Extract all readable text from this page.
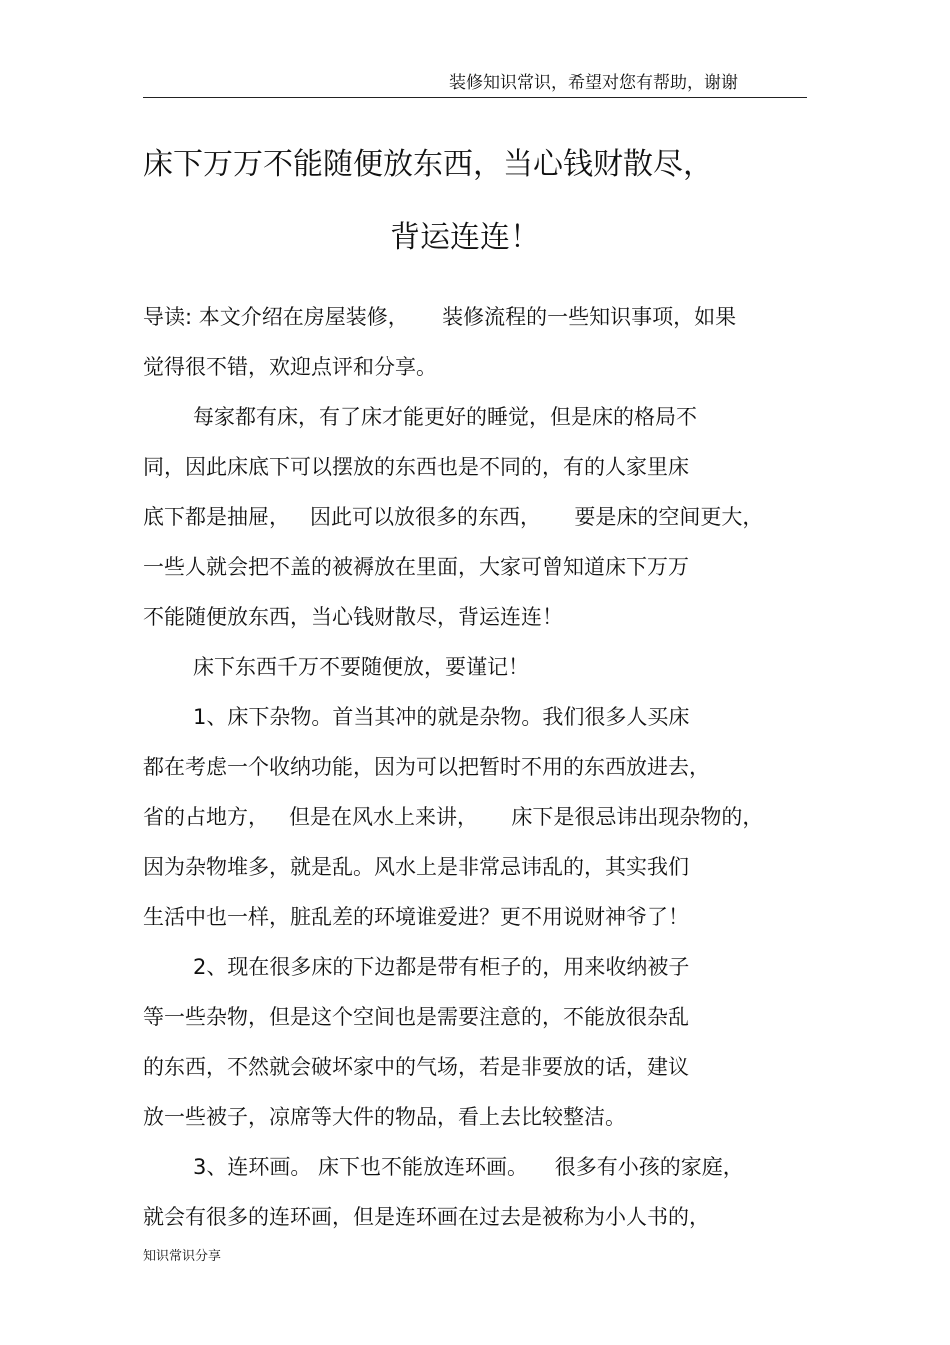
装修知识常识，希望对您有帮助，谢谢
床下万万不能随便放东西，当心钱财散尽，
背运连连！
导读: 本文介绍在房屋装修，     装修流程的一些知识事项，如果
觉得很不错，欢迎点评和分享。
每家都有床，有了床才能更好的睡觉，但是床的格局不
同，因此床底下可以摆放的东西也是不同的，有的人家里床
底下都是抽屉，   因此可以放很多的东西，     要是床的空间更大，
一些人就会把不盖的被褥放在里面，大家可曾知道床下万万
不能随便放东西，当心钱财散尽，背运连连！
床下东西千万不要随便放，要谨记！
1、床下杂物。首当其冲的就是杂物。我们很多人买床
都在考虑一个收纳功能，因为可以把暂时不用的东西放进去，
省的占地方，   但是在风水上来讲，     床下是很忌讳出现杂物的，
因为杂物堆多，就是乱。风水上是非常忌讳乱的，其实我们
生活中也一样，脏乱差的环境谁爱进？更不用说财神爷了！
2、现在很多床的下边都是带有柜子的，用来收纳被子
等一些杂物，但是这个空间也是需要注意的，不能放很杂乱
的东西，不然就会破坏家中的气场，若是非要放的话，建议
放一些被子，凉席等大件的物品，看上去比较整洁。
3、连环画。 床下也不能放连环画。    很多有小孩的家庭，
就会有很多的连环画，但是连环画在过去是被称为小人书的，
知识常识分享
